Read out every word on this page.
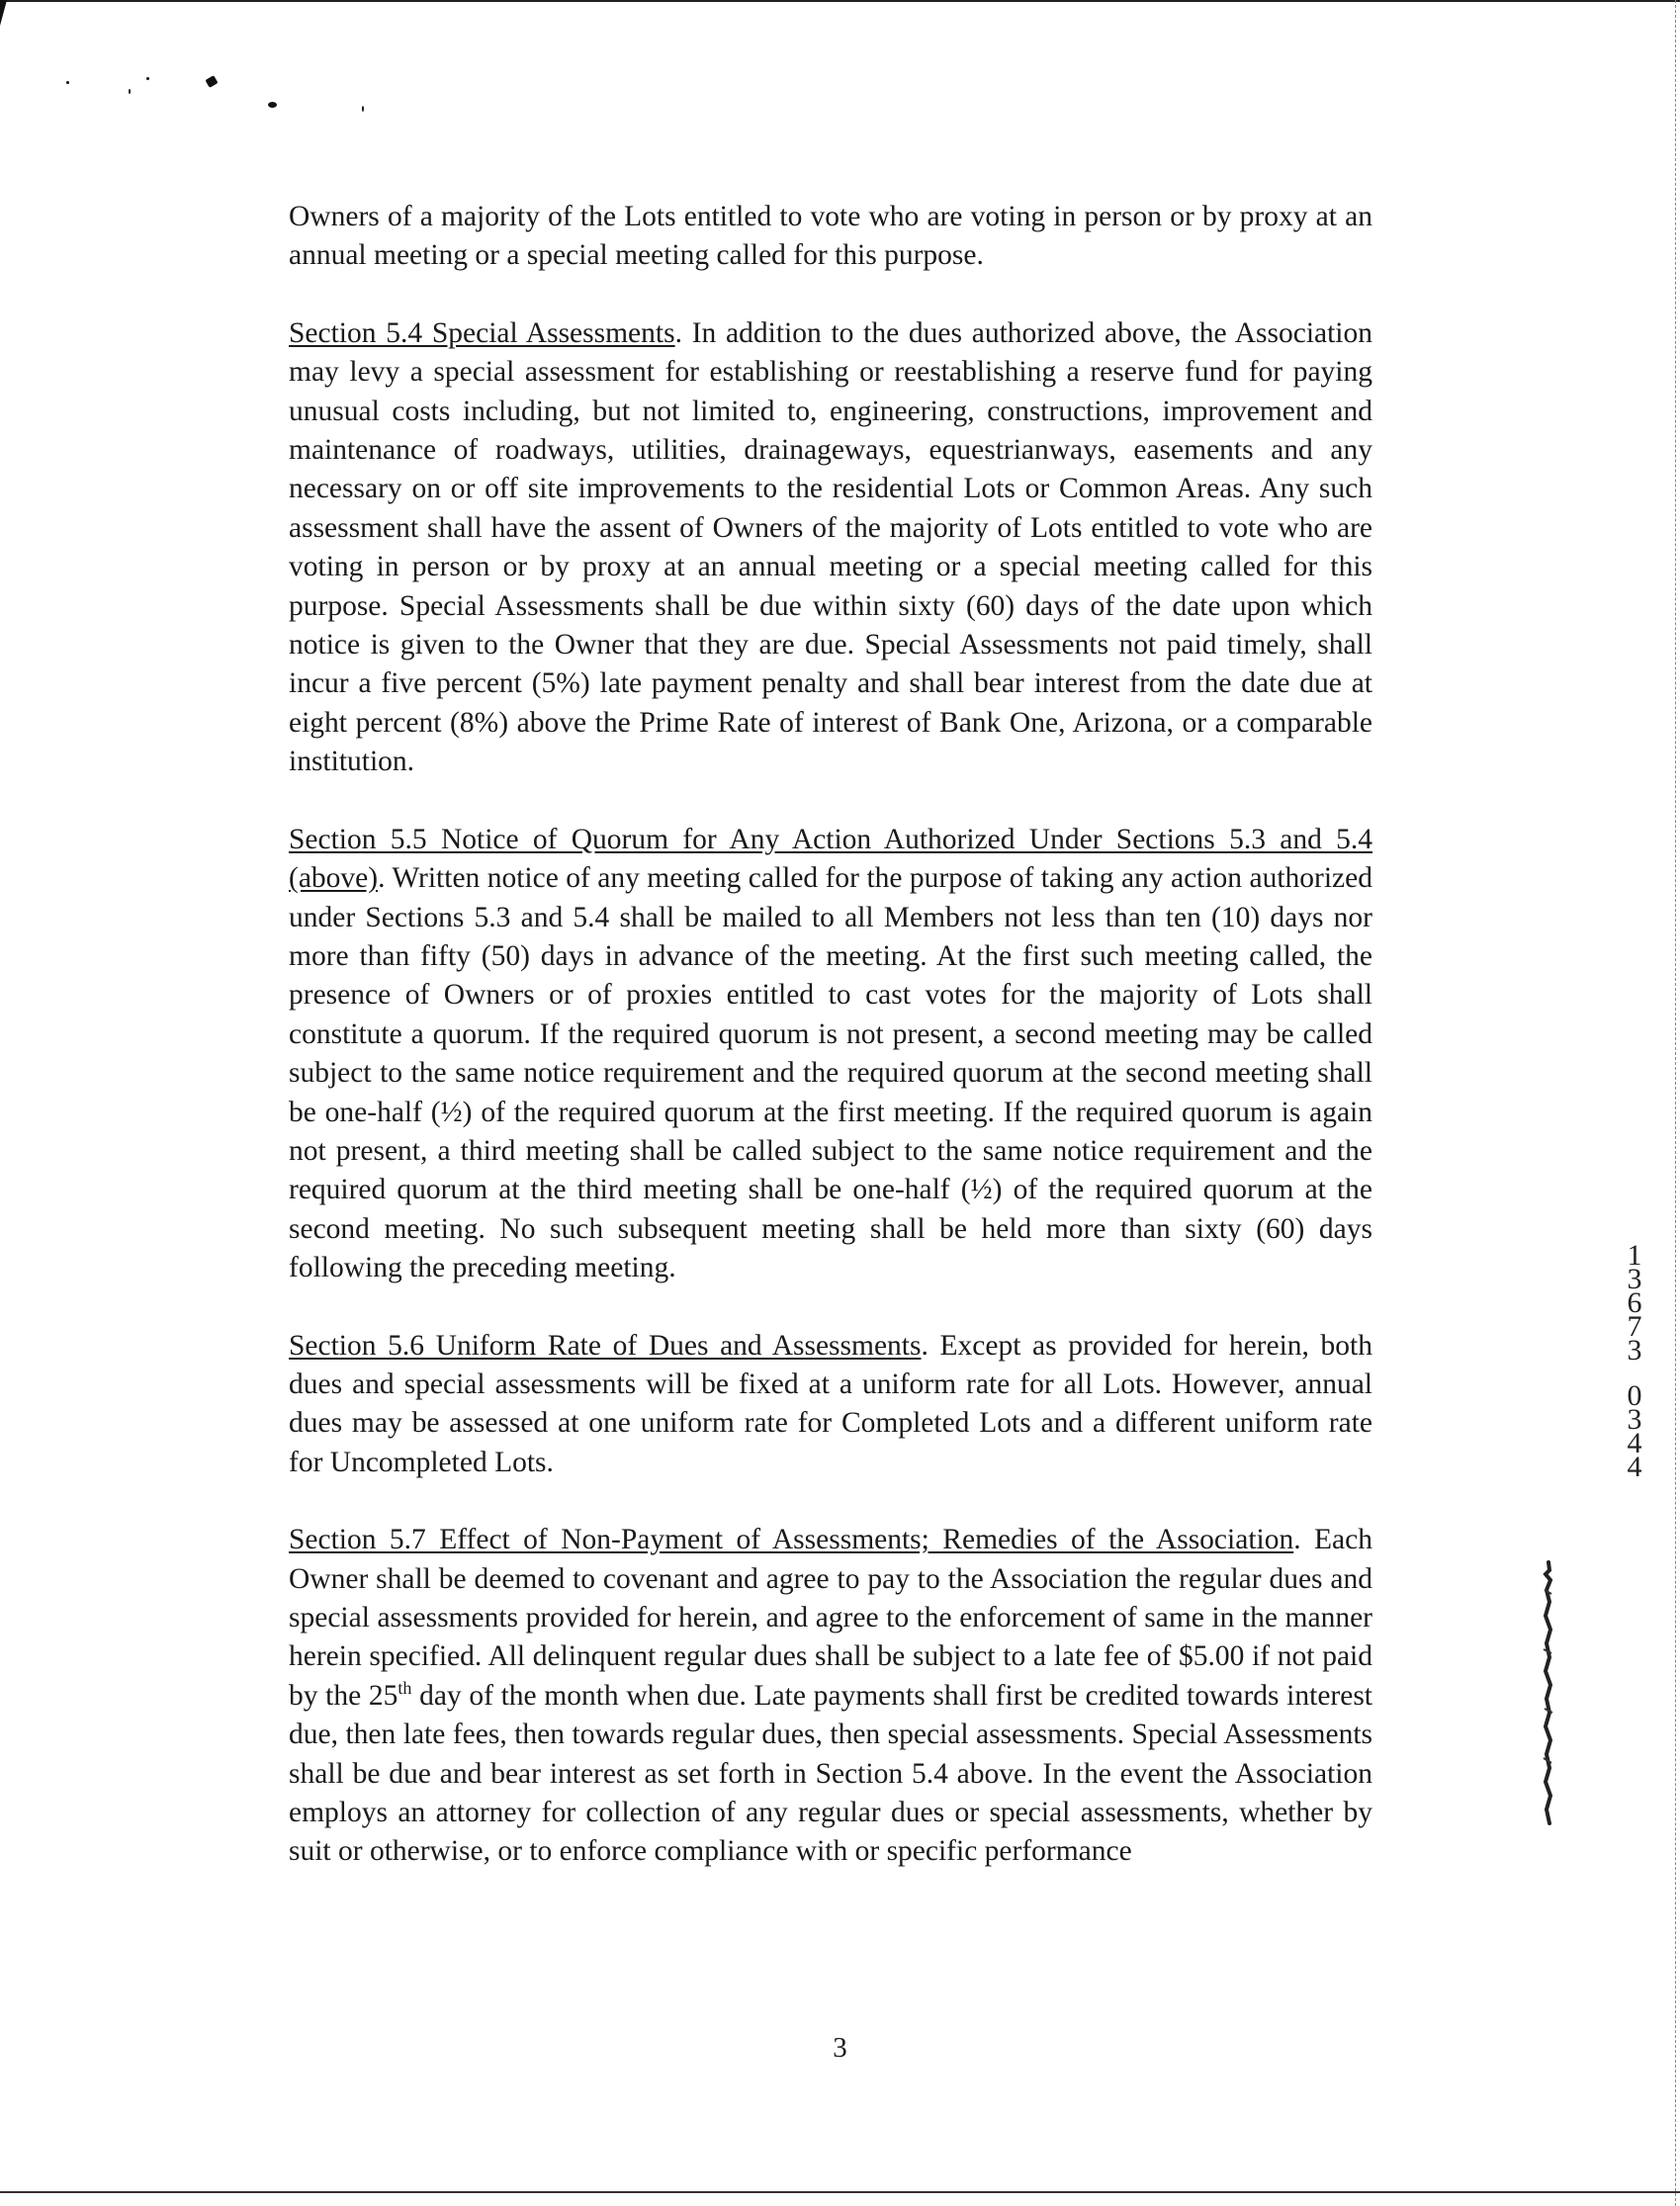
Owners of a majority of the Lots entitled to vote who are voting in person or by proxy at an annual meeting or a special meeting called for this purpose.

Section 5.4 Special Assessments. In addition to the dues authorized above, the Association may levy a special assessment for establishing or reestablishing a reserve fund for paying unusual costs including, but not limited to, engineering, constructions, improvement and maintenance of roadways, utilities, drainageways, equestrianways, easements and any necessary on or off site improvements to the residential Lots or Common Areas. Any such assessment shall have the assent of Owners of the majority of Lots entitled to vote who are voting in person or by proxy at an annual meeting or a special meeting called for this purpose. Special Assessments shall be due within sixty (60) days of the date upon which notice is given to the Owner that they are due. Special Assessments not paid timely, shall incur a five percent (5%) late payment penalty and shall bear interest from the date due at eight percent (8%) above the Prime Rate of interest of Bank One, Arizona, or a comparable institution.

Section 5.5 Notice of Quorum for Any Action Authorized Under Sections 5.3 and 5.4 (above). Written notice of any meeting called for the purpose of taking any action authorized under Sections 5.3 and 5.4 shall be mailed to all Members not less than ten (10) days nor more than fifty (50) days in advance of the meeting. At the first such meeting called, the presence of Owners or of proxies entitled to cast votes for the majority of Lots shall constitute a quorum. If the required quorum is not present, a second meeting may be called subject to the same notice requirement and the required quorum at the second meeting shall be one-half (½) of the required quorum at the first meeting. If the required quorum is again not present, a third meeting shall be called subject to the same notice requirement and the required quorum at the third meeting shall be one-half (½) of the required quorum at the second meeting. No such subsequent meeting shall be held more than sixty (60) days following the preceding meeting.

Section 5.6 Uniform Rate of Dues and Assessments. Except as provided for herein, both dues and special assessments will be fixed at a uniform rate for all Lots. However, annual dues may be assessed at one uniform rate for Completed Lots and a different uniform rate for Uncompleted Lots.

Section 5.7 Effect of Non-Payment of Assessments; Remedies of the Association. Each Owner shall be deemed to covenant and agree to pay to the Association the regular dues and special assessments provided for herein, and agree to the enforcement of same in the manner herein specified. All delinquent regular dues shall be subject to a late fee of $5.00 if not paid by the 25th day of the month when due. Late payments shall first be credited towards interest due, then late fees, then towards regular dues, then special assessments. Special Assessments shall be due and bear interest as set forth in Section 5.4 above. In the event the Association employs an attorney for collection of any regular dues or special assessments, whether by suit or otherwise, or to enforce compliance with or specific performance

3
1
3
6
7
3
0
3
4
4
